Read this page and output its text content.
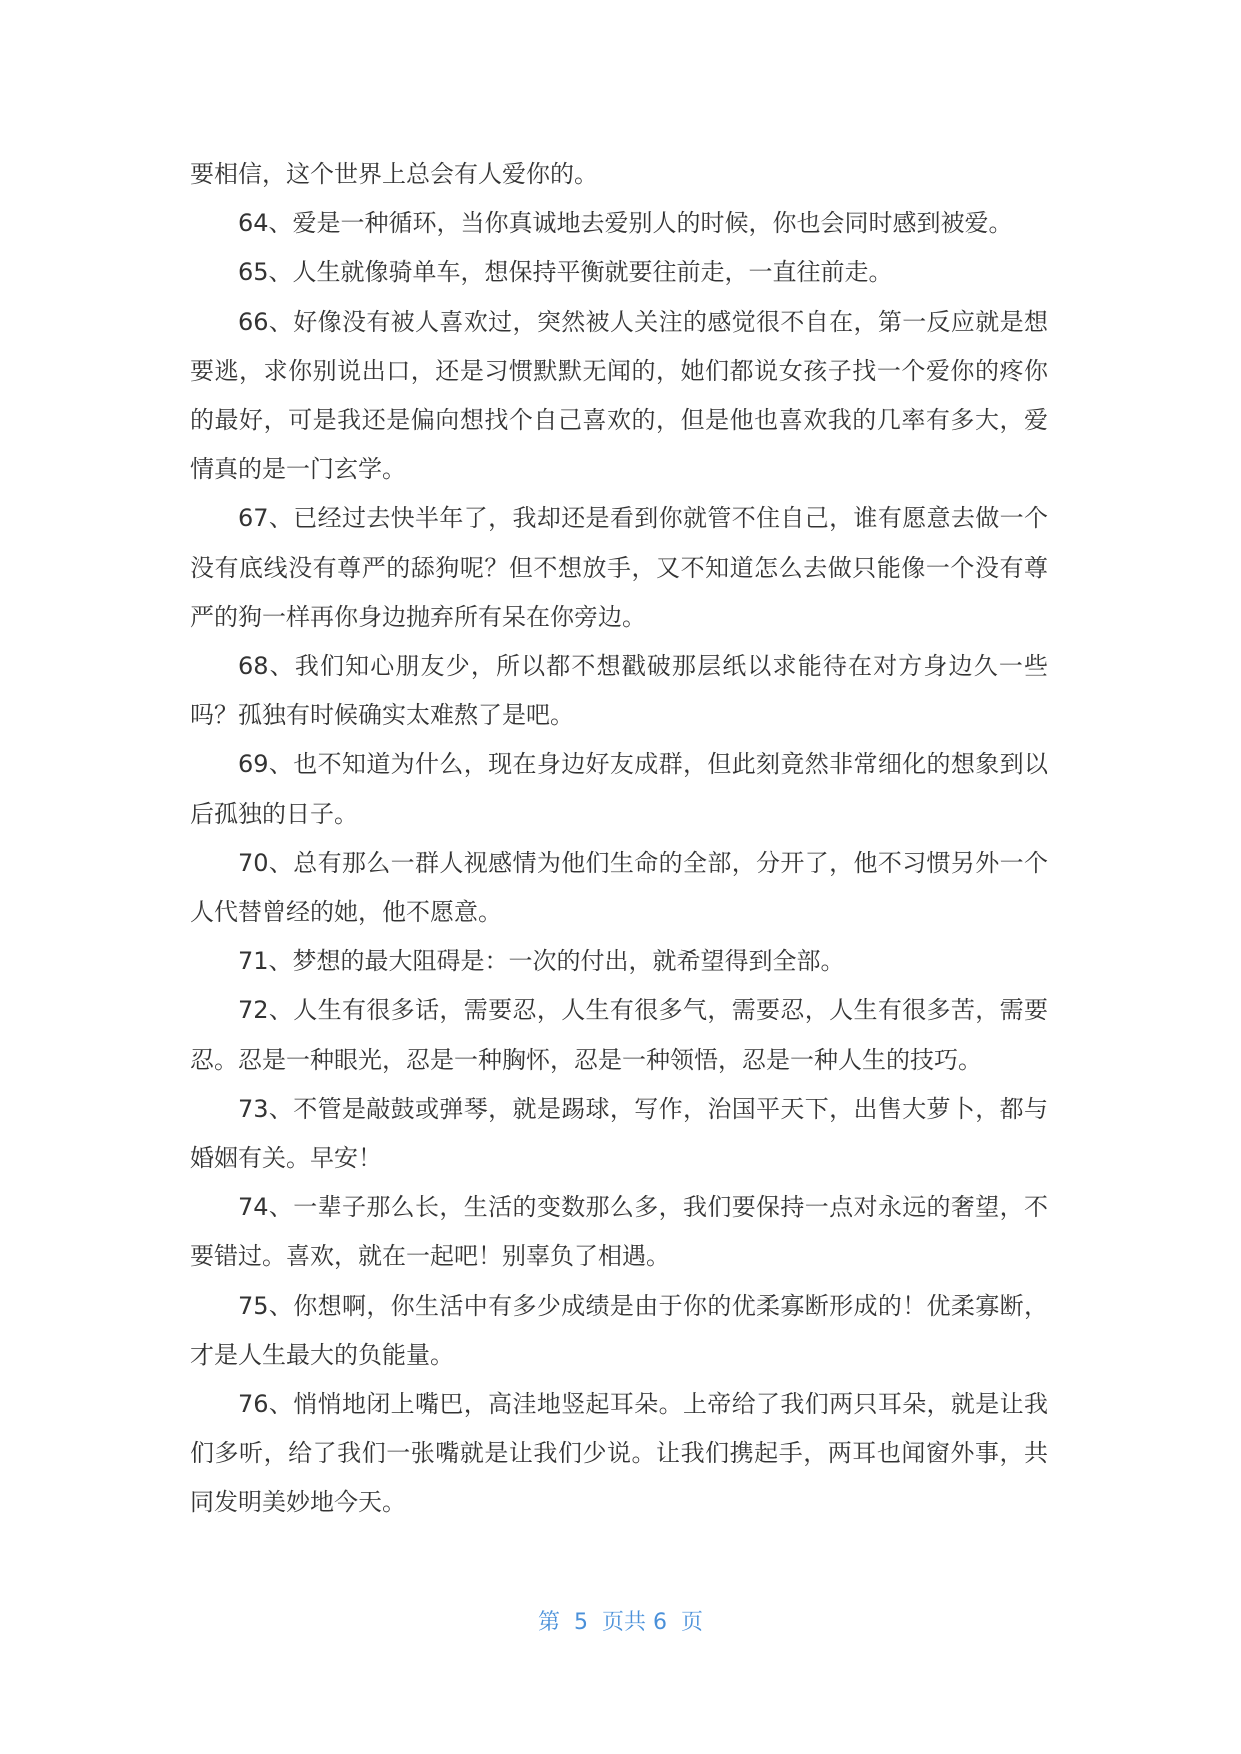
要相信，这个世界上总会有人爱你的。

64、爱是一种循环，当你真诚地去爱别人的时候，你也会同时感到被爱。

65、人生就像骑单车，想保持平衡就要往前走，一直往前走。

66、好像没有被人喜欢过，突然被人关注的感觉很不自在，第一反应就是想要逃，求你别说出口，还是习惯默默无闻的，她们都说女孩子找一个爱你的疼你的最好，可是我还是偏向想找个自己喜欢的，但是他也喜欢我的几率有多大，爱情真的是一门玄学。

67、已经过去快半年了，我却还是看到你就管不住自己，谁有愿意去做一个没有底线没有尊严的舔狗呢？但不想放手，又不知道怎么去做只能像一个没有尊严的狗一样再你身边抛弃所有呆在你旁边。

68、我们知心朋友少，所以都不想戳破那层纸以求能待在对方身边久一些吗？孤独有时候确实太难熬了是吧。

69、也不知道为什么，现在身边好友成群，但此刻竟然非常细化的想象到以后孤独的日子。

70、总有那么一群人视感情为他们生命的全部，分开了，他不习惯另外一个人代替曾经的她，他不愿意。

71、梦想的最大阻碍是：一次的付出，就希望得到全部。

72、人生有很多话，需要忍，人生有很多气，需要忍，人生有很多苦，需要忍。忍是一种眼光，忍是一种胸怀，忍是一种领悟，忍是一种人生的技巧。

73、不管是敲鼓或弹琴，就是踢球，写作，治国平天下，出售大萝卜，都与婚姻有关。早安！

74、一辈子那么长，生活的变数那么多，我们要保持一点对永远的奢望，不要错过。喜欢，就在一起吧！别辜负了相遇。

75、你想啊，你生活中有多少成绩是由于你的优柔寡断形成的！优柔寡断，才是人生最大的负能量。

76、悄悄地闭上嘴巴，高洼地竖起耳朵。上帝给了我们两只耳朵，就是让我们多听，给了我们一张嘴就是让我们少说。让我们携起手，两耳也闻窗外事，共同发明美妙地今天。

第  5  页共 6  页
